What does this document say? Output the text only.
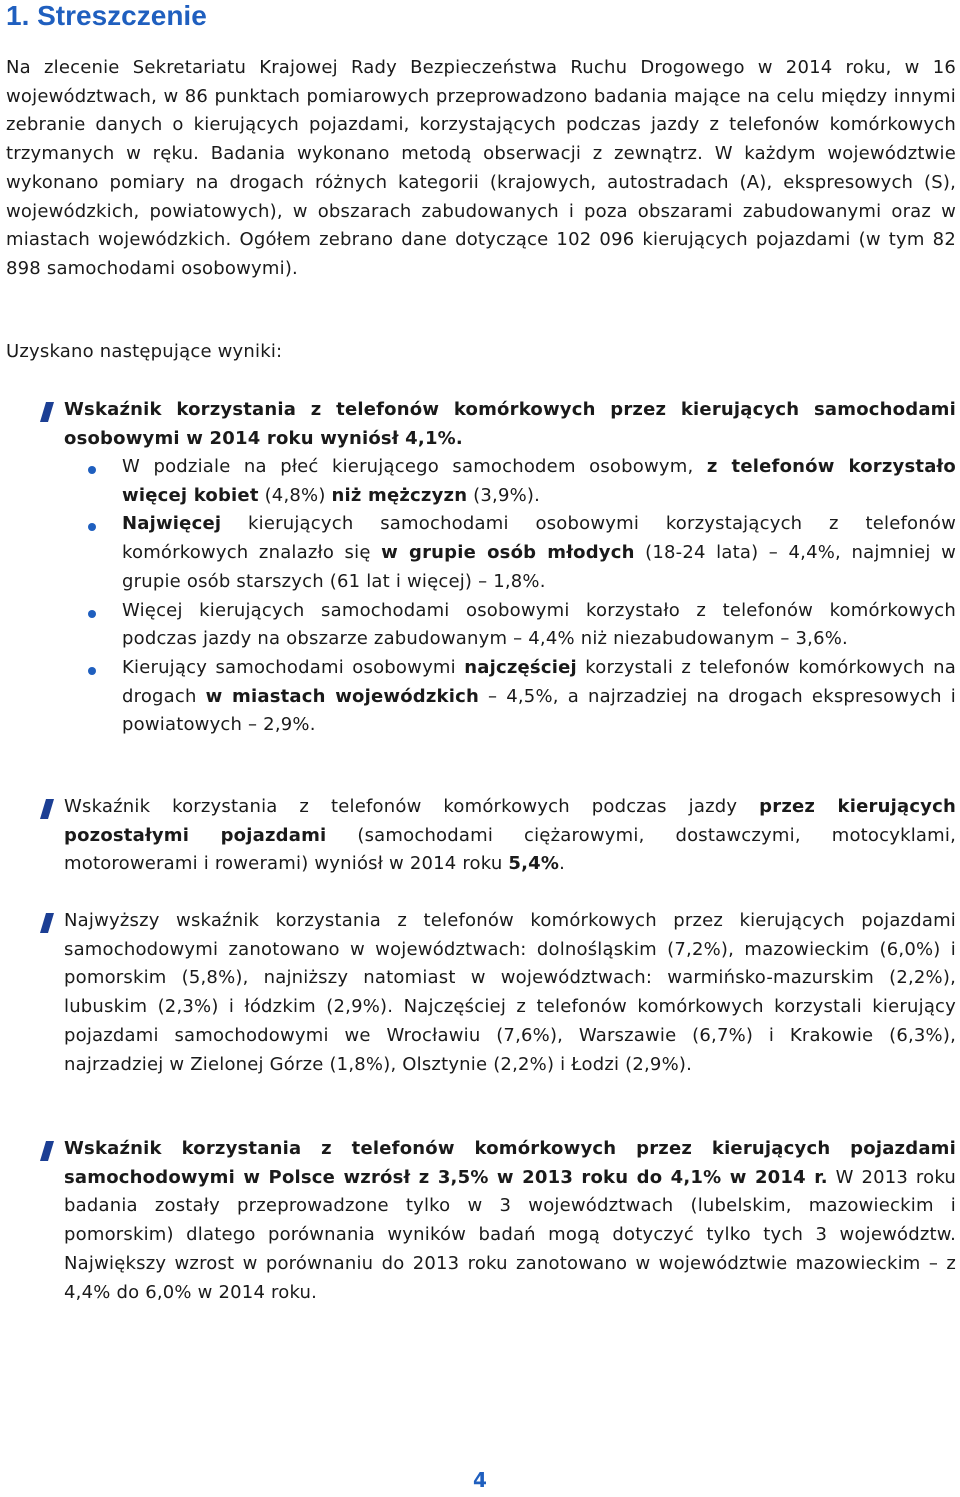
1. Streszczenie

Na zlecenie Sekretariatu Krajowej Rady Bezpieczeństwa Ruchu Drogowego w 2014 roku, w 16 województwach, w 86 punktach pomiarowych przeprowadzono badania mające na celu między innymi zebranie danych o kierujących pojazdami, korzystających podczas jazdy z telefonów komórkowych trzymanych w ręku. Badania wykonano metodą obserwacji z zewnątrz. W każdym województwie wykonano pomiary na drogach różnych kategorii (krajowych, autostradach (A), ekspresowych (S), wojewódzkich, powiatowych), w obszarach zabudowanych i poza obszarami zabudowanymi oraz w miastach wojewódzkich. Ogółem zebrano dane dotyczące 102 096 kierujących pojazdami (w tym 82 898 samochodami osobowymi).

Uzyskano następujące wyniki:

Wskaźnik korzystania z telefonów komórkowych przez kierujących samochodami osobowymi w 2014 roku wyniósł 4,1%.

W podziale na płeć kierującego samochodem osobowym, z telefonów korzystało więcej kobiet (4,8%) niż mężczyzn (3,9%).

Najwięcej kierujących samochodami osobowymi korzystających z telefonów komórkowych znalazło się w grupie osób młodych (18-24 lata) – 4,4%, najmniej w grupie osób starszych (61 lat i więcej) – 1,8%.

Więcej kierujących samochodami osobowymi korzystało z telefonów komórkowych podczas jazdy na obszarze zabudowanym – 4,4% niż niezabudowanym – 3,6%.

Kierujący samochodami osobowymi najczęściej korzystali z telefonów komórkowych na drogach w miastach wojewódzkich – 4,5%, a najrzadziej na drogach ekspresowych i powiatowych – 2,9%.

Wskaźnik korzystania z telefonów komórkowych podczas jazdy przez kierujących pozostałymi pojazdami (samochodami ciężarowymi, dostawczymi, motocyklami, motorowerami i rowerami) wyniósł w 2014 roku 5,4%.

Najwyższy wskaźnik korzystania z telefonów komórkowych przez kierujących pojazdami samochodowymi zanotowano w województwach: dolnośląskim (7,2%), mazowieckim (6,0%) i pomorskim (5,8%), najniższy natomiast w województwach: warmińsko-mazurskim (2,2%), lubuskim (2,3%) i łódzkim (2,9%). Najczęściej z telefonów komórkowych korzystali kierujący pojazdami samochodowymi we Wrocławiu (7,6%), Warszawie (6,7%) i Krakowie (6,3%), najrzadziej w Zielonej Górze (1,8%), Olsztynie (2,2%) i Łodzi (2,9%).

Wskaźnik korzystania z telefonów komórkowych przez kierujących pojazdami samochodowymi w Polsce wzrósł z 3,5% w 2013 roku do 4,1% w 2014 r. W 2013 roku badania zostały przeprowadzone tylko w 3 województwach (lubelskim, mazowieckim i pomorskim) dlatego porównania wyników badań mogą dotyczyć tylko tych 3 województw. Największy wzrost w porównaniu do 2013 roku zanotowano w województwie mazowieckim – z 4,4% do 6,0% w 2014 roku.

4
